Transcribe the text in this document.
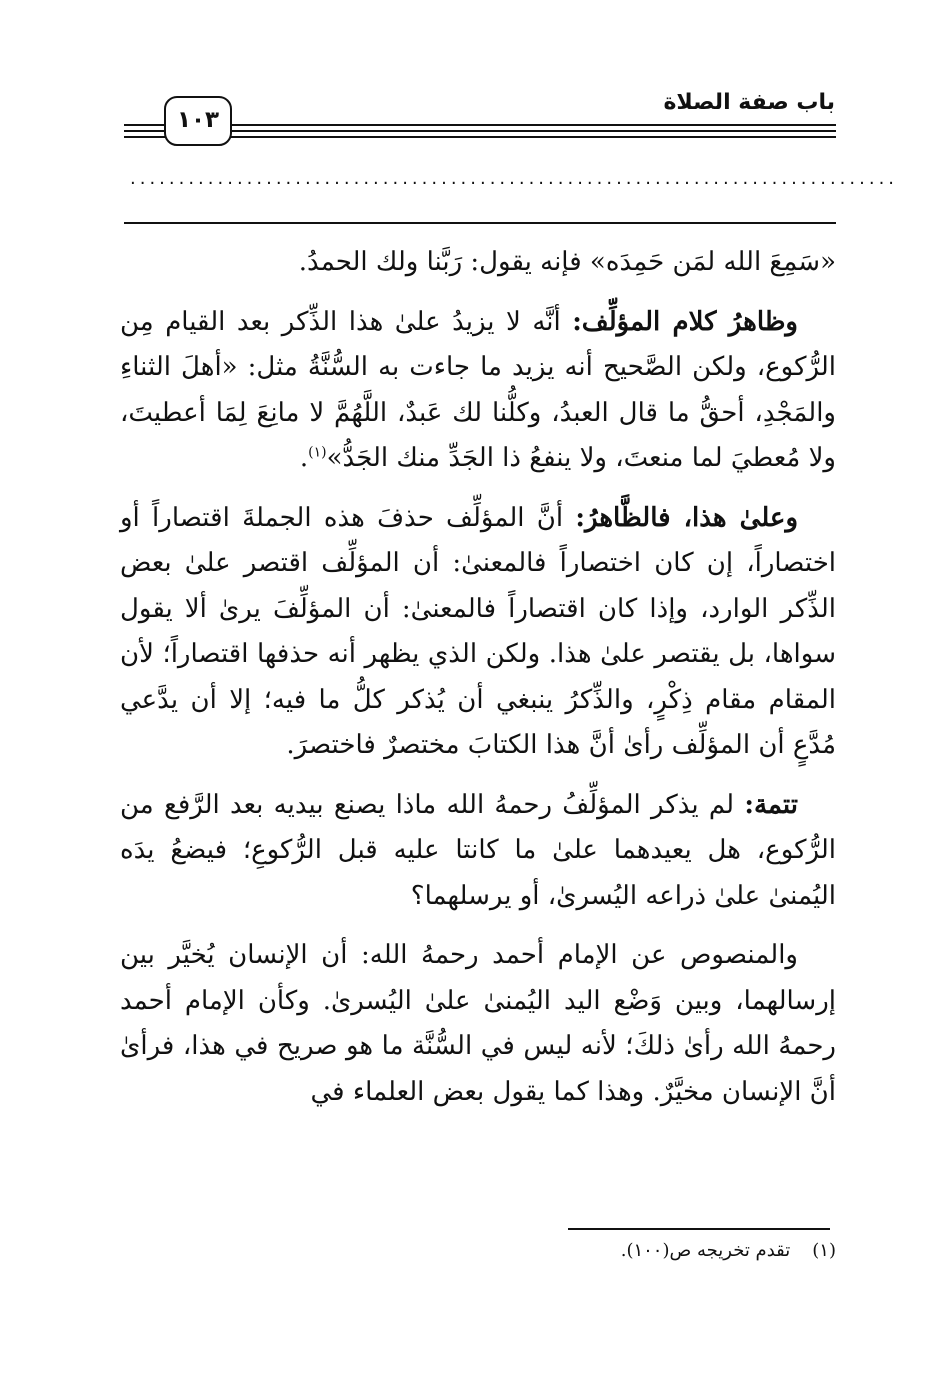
باب صفة الصلاة
١٠٣
...............................................................................

«سَمِعَ الله لمَن حَمِدَه» فإنه يقول: رَبَّنا ولك الحمدُ.

وظاهرُ كلام المؤلِّف: أنَّه لا يزيدُ علىٰ هذا الذِّكر بعد القيام مِن الرُّكوع، ولكن الصَّحيح أنه يزيد ما جاءت به السُّنَّةُ مثل: «أهلَ الثناءِ والمَجْدِ، أحقُّ ما قال العبدُ، وكلُّنا لك عَبدٌ، اللَّهُمَّ لا مانِعَ لِمَا أعطيتَ، ولا مُعطيَ لما منعتَ، ولا ينفعُ ذا الجَدِّ منك الجَدُّ»$^{(١)}$.

وعلىٰ هذا، فالظَّاهرُ: أنَّ المؤلِّف حذفَ هذه الجملةَ اقتصاراً أو اختصاراً، إن كان اختصاراً فالمعنىٰ: أن المؤلِّف اقتصر علىٰ بعض الذِّكر الوارد، وإذا كان اقتصاراً فالمعنىٰ: أن المؤلِّفَ يرىٰ ألا يقول سواها، بل يقتصر علىٰ هذا. ولكن الذي يظهر أنه حذفها اقتصاراً؛ لأن المقام مقام ذِكْرٍ، والذِّكرُ ينبغي أن يُذكر كلُّ ما فيه؛ إلا أن يدَّعي مُدَّعٍ أن المؤلِّف رأىٰ أنَّ هذا الكتابَ مختصرٌ فاختصرَ.

تتمة: لم يذكر المؤلِّفُ رحمهُ الله ماذا يصنع بيديه بعد الرَّفع من الرُّكوع، هل يعيدهما علىٰ ما كانتا عليه قبل الرُّكوعِ؛ فيضعُ يدَه اليُمنىٰ علىٰ ذراعه اليُسرىٰ، أو يرسلهما؟

والمنصوص عن الإمام أحمد رحمهُ الله: أن الإنسان يُخيَّر بين إرسالهما، وبين وَضْع اليد اليُمنىٰ علىٰ اليُسرىٰ. وكأن الإمام أحمد رحمهُ الله رأىٰ ذلكَ؛ لأنه ليس في السُّنَّة ما هو صريح في هذا، فرأىٰ أنَّ الإنسان مخيَّرٌ. وهذا كما يقول بعض العلماء في

(١)تقدم تخريجه ص(١٠٠).
